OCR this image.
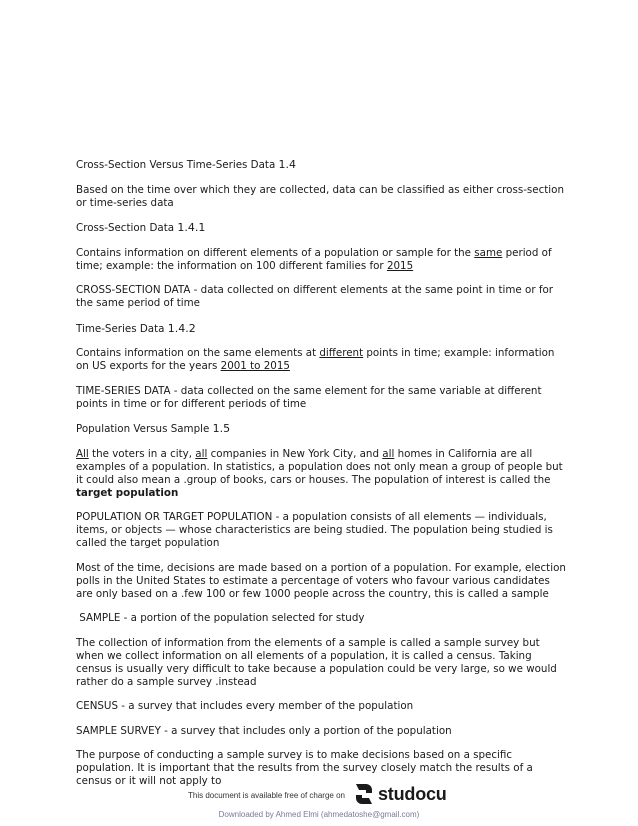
Cross-Section Versus Time-Series Data 1.4

Based on the time over which they are collected, data can be classified as either cross-section or time-series data

Cross-Section Data 1.4.1

Contains information on different elements of a population or sample for the same period of time; example: the information on 100 different families for 2015

CROSS-SECTION DATA - data collected on different elements at the same point in time or for the same period of time

Time-Series Data 1.4.2

Contains information on the same elements at different points in time; example: information on US exports for the years 2001 to 2015

TIME-SERIES DATA - data collected on the same element for the same variable at different points in time or for different periods of time

Population Versus Sample 1.5

All the voters in a city, all companies in New York City, and all homes in California are all examples of a population. In statistics, a population does not only mean a group of people but it could also mean a .group of books, cars or houses. The population of interest is called the target population

POPULATION OR TARGET POPULATION - a population consists of all elements — individuals, items, or objects — whose characteristics are being studied. The population being studied is called the target population

Most of the time, decisions are made based on a portion of a population. For example, election polls in the United States to estimate a percentage of voters who favour various candidates are only based on a .few 100 or few 1000 people across the country, this is called a sample

SAMPLE - a portion of the population selected for study

The collection of information from the elements of a sample is called a sample survey but when we collect information on all elements of a population, it is called a census. Taking census is usually very difficult to take because a population could be very large, so we would rather do a sample survey .instead

CENSUS - a survey that includes every member of the population

SAMPLE SURVEY - a survey that includes only a portion of the population

The purpose of conducting a sample survey is to make decisions based on a specific population. It is important that the results from the survey closely match the results of a census or it will not apply to

This document is available free of charge on studocu
Downloaded by Ahmed Elmi (ahmedatoshe@gmail.com)
